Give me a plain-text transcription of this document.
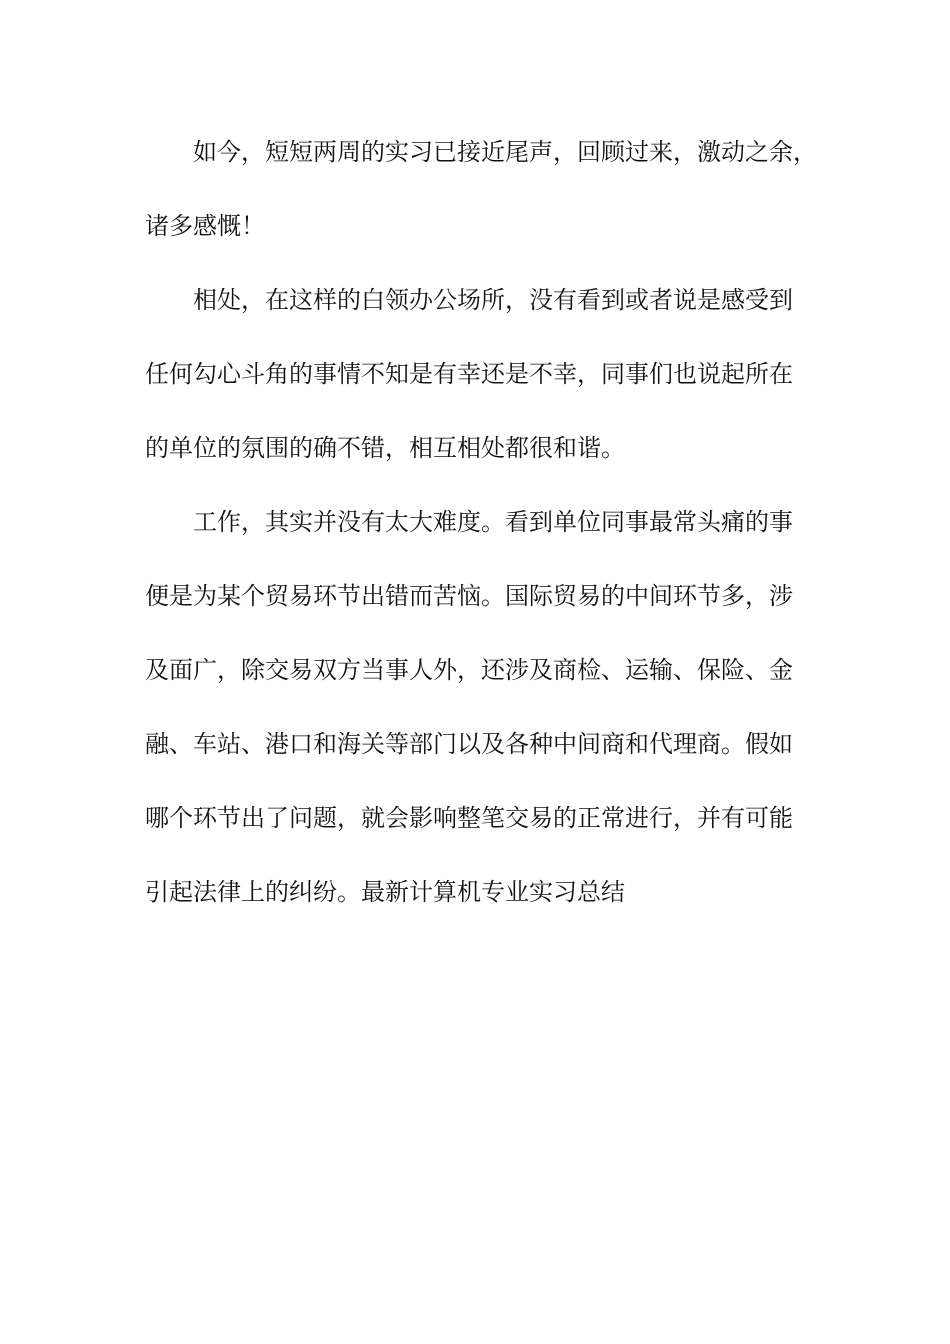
如今，短短两周的实习已接近尾声，回顾过来，激动之余，
诸多感慨！
相处，在这样的白领办公场所，没有看到或者说是感受到
任何勾心斗角的事情不知是有幸还是不幸，同事们也说起所在
的单位的氛围的确不错，相互相处都很和谐。
工作，其实并没有太大难度。看到单位同事最常头痛的事
便是为某个贸易环节出错而苦恼。国际贸易的中间环节多，涉
及面广，除交易双方当事人外，还涉及商检、运输、保险、金
融、车站、港口和海关等部门以及各种中间商和代理商。假如
哪个环节出了问题，就会影响整笔交易的正常进行，并有可能
引起法律上的纠纷。最新计算机专业实习总结
